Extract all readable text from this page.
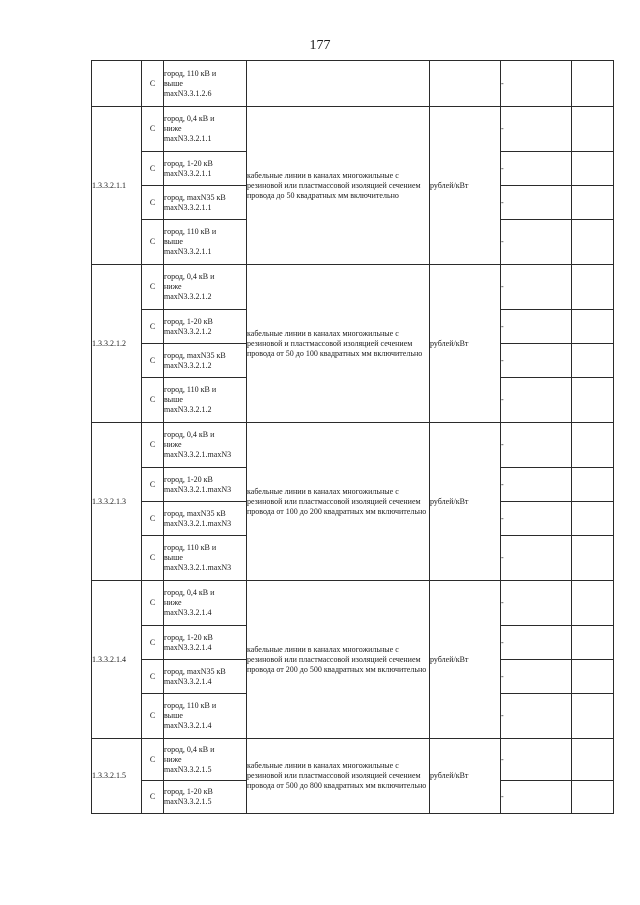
177
	С	город, 110 кВ и
выше
maxN3.3.1.2.6			-	
1.3.3.2.1.1	С	город, 0,4 кВ и
ниже
maxN3.3.2.1.1	кабельные линии в каналах многожильные с резиновой или пластмассовой изоляцией сечением провода до 50 квадратных мм включительно	рублей/кВт	-	
	С	город, 1-20 кВ
maxN3.3.2.1.1			-	
	С	город, maxN35 кВ
maxN3.3.2.1.1			-	
	С	город, 110 кВ и
выше
maxN3.3.2.1.1			-	
1.3.3.2.1.2	С	город, 0,4 кВ и
ниже
maxN3.3.2.1.2	кабельные линии в каналах многожильные с резиновой и пластмассовой изоляцией сечением провода от 50 до 100 квадратных мм включительно	рублей/кВт	-	
	С	город, 1-20 кВ
maxN3.3.2.1.2			-	
	С	город, maxN35 кВ
maxN3.3.2.1.2			-	
	С	город, 110 кВ и
выше
maxN3.3.2.1.2			-	
1.3.3.2.1.3	С	город, 0,4 кВ и
ниже
maxN3.3.2.1.maxN3	кабельные линии в каналах многожильные с резиновой или пластмассовой изоляцией сечением провода от 100 до 200 квадратных мм включительно	рублей/кВт	-	
	С	город, 1-20 кВ
maxN3.3.2.1.maxN3			-	
	С	город, maxN35 кВ
maxN3.3.2.1.maxN3			-	
	С	город, 110 кВ и
выше
maxN3.3.2.1.maxN3			-	
1.3.3.2.1.4	С	город, 0,4 кВ и
ниже
maxN3.3.2.1.4	кабельные линии в каналах многожильные с резиновой или пластмассовой изоляцией сечением провода от 200 до 500 квадратных мм включительно	рублей/кВт	-	
	С	город, 1-20 кВ
maxN3.3.2.1.4			-	
	С	город, maxN35 кВ
maxN3.3.2.1.4			-	
	С	город, 110 кВ и
выше
maxN3.3.2.1.4			-	
1.3.3.2.1.5	С	город, 0,4 кВ и
ниже
maxN3.3.2.1.5	кабельные линии в каналах многожильные с резиновой или пластмассовой изоляцией сечением провода от 500 до 800 квадратных мм включительно	рублей/кВт	-	
	С	город, 1-20 кВ
maxN3.3.2.1.5			-	
